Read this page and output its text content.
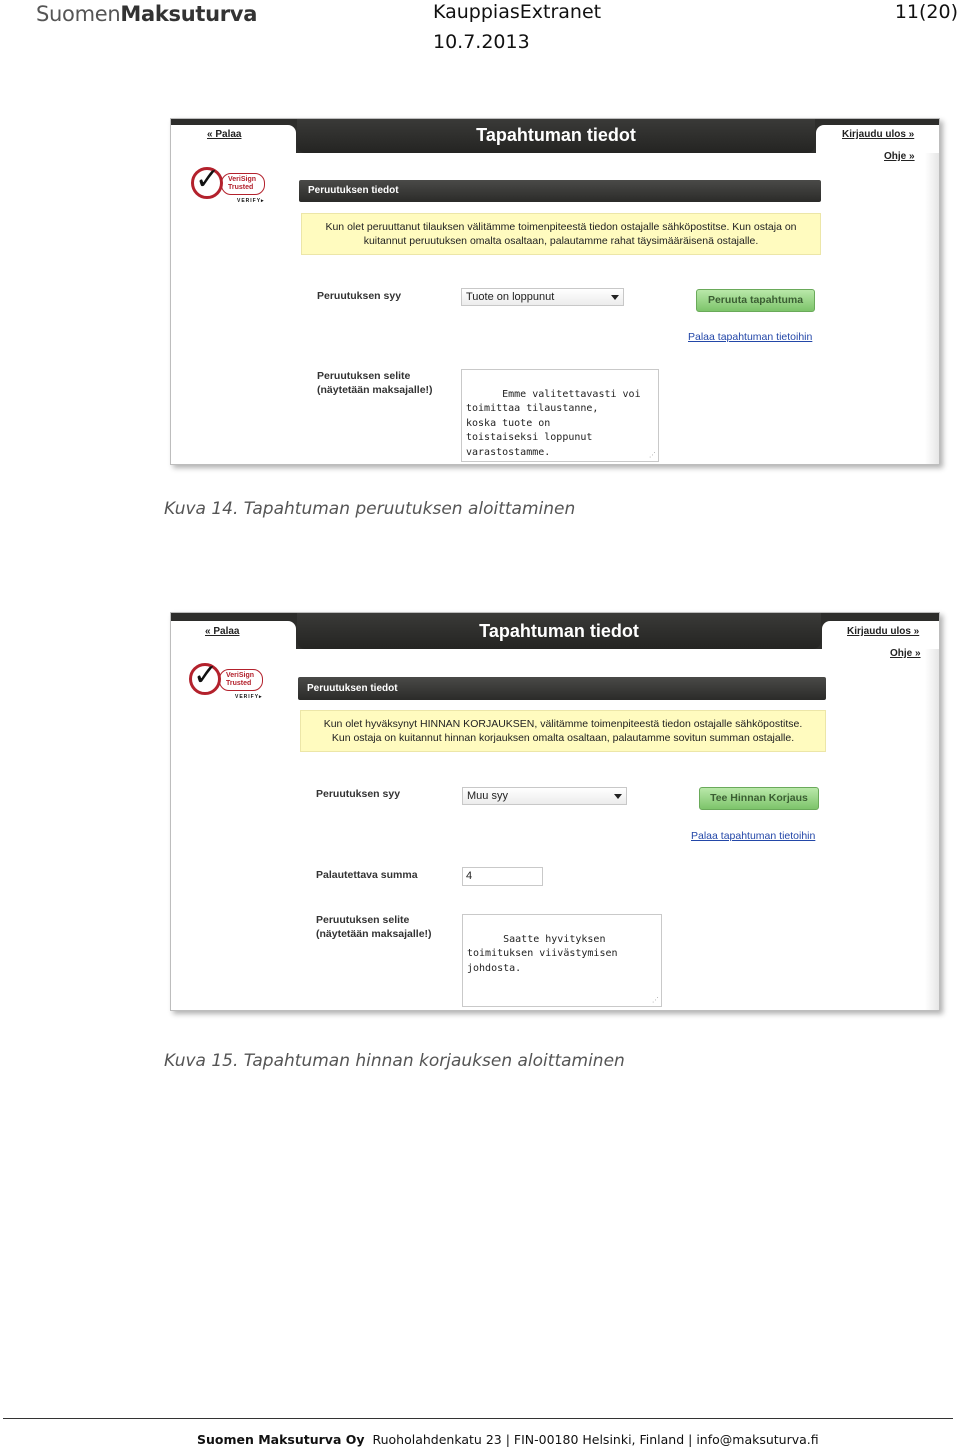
SuomenMaksuturva	KauppiasExtranet
10.7.2013
11(20)
Tapahtuman tiedot
« Palaa	Kirjaudu ulos »
Ohje »
✓	VeriSign
Trusted
VERIFY▸
Peruutuksen tiedot
Kun olet peruuttanut tilauksen välitämme toimenpiteestä tiedon ostajalle sähköpostitse. Kun ostaja on
kuitannut peruutuksen omalta osaltaan, palautamme rahat täysimääräisenä ostajalle.
Peruutuksen syy	Tuote on loppunut	Peruuta tapahtuma
Palaa tapahtuman tietoihin
Peruutuksen selite
(näytetään maksajalle!)	Emme valitettavasti voi
toimittaa tilaustanne,
koska tuote on
toistaiseksi loppunut
varastostamme.
	⋰

Kuva 14. Tapahtuman peruutuksen aloittaminen
Tapahtuman tiedot
« Palaa	Kirjaudu ulos »
Ohje »
✓	VeriSign
Trusted
VERIFY▸
Peruutuksen tiedot
Kun olet hyväksynyt HINNAN KORJAUKSEN, välitämme toimenpiteestä tiedon ostajalle sähköpostitse.
Kun ostaja on kuitannut hinnan korjauksen omalta osaltaan, palautamme sovitun summan ostajalle.
Peruutuksen syy	Muu syy	Tee Hinnan Korjaus
Palaa tapahtuman tietoihin
Palautettava summa	4
Peruutuksen selite
(näytetään maksajalle!)	Saatte hyvityksen
toimituksen viivästymisen
johdosta.

⋰

Kuva 15. Tapahtuman hinnan korjauksen aloittaminen
Suomen Maksuturva Oy Ruoholahdenkatu 23 | FIN-00180 Helsinki, Finland | info@maksuturva.fi
